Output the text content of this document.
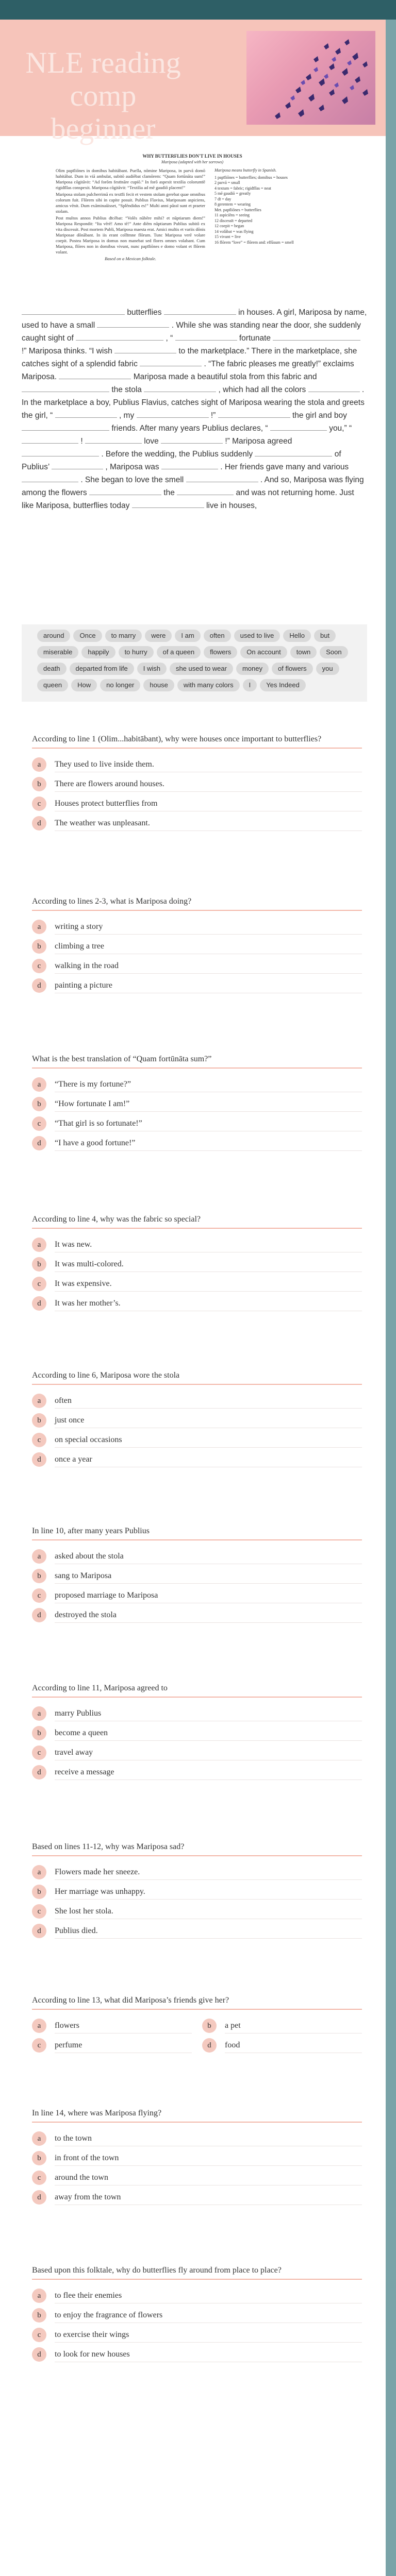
NLE reading comp beginner
WHY BUTTERFLIES DON'T LIVE IN HOUSES
Mariposa (adapted with her sorrows)

Olim papīliōnes in domibus habitābant. Puella, nōmine Mariposa, in parvā domō habitābat. Dum in viā ambulat, subitō audiēbat clamōrem: “Quam fortūnāta sum!” Mariposa cōgitāvit: “Ad forōm festīnāre cupiō.” In forō aspexit textilia colorumīē rigidīllas conspexit. Mariposa cōgitāvit: “Textilia ad mē gaudiō placent!”

Mariposa stolam pulcherrimā ex textīli fecit et vestem stolam gerebat quae omnibus colorum fuit. Flōrem sibi in capite posuit. Publius Flavius, Mariposam aspiciens, amicus vēnit. Dum exāminaūisset, “Splēndidus es!” Multi anni pāssī sunt et praeter stolam.

Post multos annos Publius dīcēbat: “Volēs nūbēre mihi? et nūptiarum diem!” Mariposa Respondit: “Ita vērē! Amo tē!” Ante diēm nūptiarum Publius subitō ex vita discessit. Post mortem Publi, Mariposa maesta erat. Amici multis et variis dōnis Mariposae dōnābant. In iis erant collīmne flōrum. Tunc Mariposa verē volare coepit. Postea Mariposa in domus non manebat sed flores omnes volabant. Cum Mariposa, flōres non in domibus vivunt, nunc papīliōnes e domo volant et flōrem volant.

Based on a Mexican folktale.
Mariposa means butterfly in Spanish.
1 papīliōnes = butterflies; domibus = houses
2 parvā = small
4 textum = fabric; rigidīllas = neat
5 mē gaudiō = greatly
7 dī = day
8 gerentem = wearing
Met. papīliōnes = butterflies
11 aspiciēns = seeing
12 discessīt = departed
12 coepit = began
14 volābat = was flying
15 vivunt = live
16 flōrem “love” = flōrem and: effūsum = smell
butterflies	in houses. A girl, Mariposa by name, used to have a small	. While she was standing near the door, she suddenly caught sight of	, “	fortunate  !” Mariposa thinks. “I wish	to the marketplace.” There in the marketplace, she catches sight of a splendid fabric	. “The fabric pleases me greatly!” exclaims Mariposa.	Mariposa made a beautiful stola from this fabric and  the stola	, which had all the colors	. In the marketplace a boy, Publius Flavius, catches sight of Mariposa wearing the stola and greets the girl, “	, my	!”	the girl and boy  friends. After many years Publius declares, “	you,” “  !	love	!” Mariposa agreed  . Before the wedding, the Publius suddenly	of Publius’	, Mariposa was	. Her friends gave many and various  . She began to love the smell	. And so, Mariposa was flying among the flowers	the	and was not returning home. Just like Mariposa, butterflies today	live in houses,
around	Once	to marry	were	I am	often	used to live	Hello	but
miserable	happily	to hurry	of a queen	flowers	On account	town	Soon
death	departed from life	I wish	she used to wear	money	of flowers	you
queen	How	no longer	house	with many colors	I	Yes Indeed
According to line 1 (Olim...habitābant), why were houses once important to butterflies?
a	They used to live inside them.
b	There are flowers around houses.
c	Houses protect butterflies from
d	The weather was unpleasant.
According to lines 2-3, what is Mariposa doing?
a	writing a story
b	climbing a tree
c	walking in the road
d	painting a picture
What is the best translation of “Quam fortūnāta sum?”
a	“There is my fortune?”
b	“How fortunate I am!”
c	“That girl is so fortunate!”
d	“I have a good fortune!”
According to line 4, why was the fabric so special?
a	It was new.
b	It was multi-colored.
c	It was expensive.
d	It was her mother’s.
According to line 6, Mariposa wore the stola
a	often
b	just once
c	on special occasions
d	once a year
In line 10, after many years Publius
a	asked about the stola
b	sang to Mariposa
c	proposed marriage to Mariposa
d	destroyed the stola
According to line 11, Mariposa agreed to
a	marry Publius
b	become a queen
c	travel away
d	receive a message
Based on lines 11-12, why was Mariposa sad?
a	Flowers made her sneeze.
b	Her marriage was unhappy.
c	She lost her stola.
d	Publius died.
According to line 13, what did Mariposa’s friends give her?
a	flowers	b	a pet
c	perfume	d	food
In line 14, where was Mariposa flying?
a	to the town
b	in front of the town
c	around the town
d	away from the town
Based upon this folktale, why do butterflies fly around from place to place?
a	to flee their enemies
b	to enjoy the fragrance of flowers
c	to exercise their wings
d	to look for new houses
